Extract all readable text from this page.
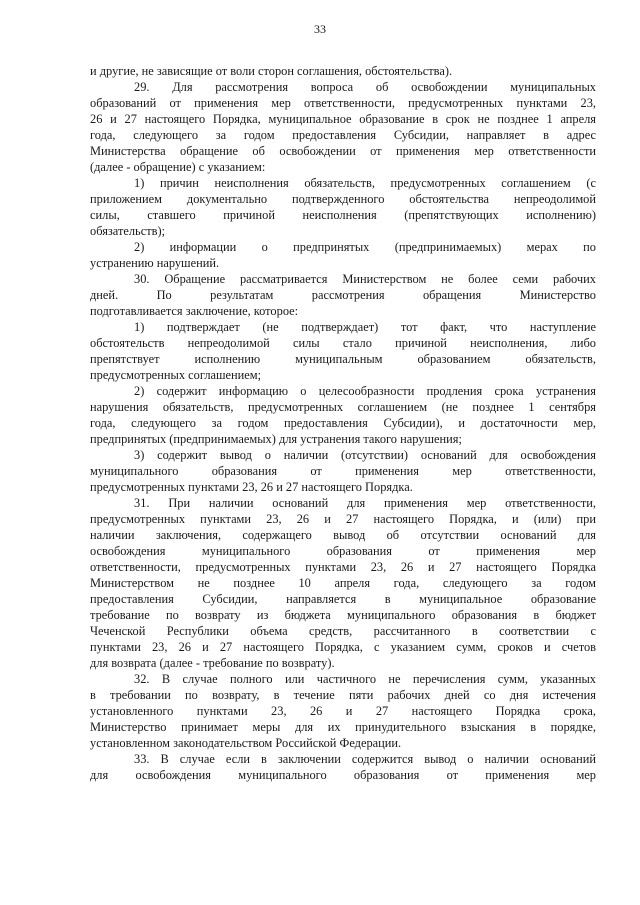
33
и другие, не зависящие от воли сторон соглашения, обстоятельства).
29. Для рассмотрения вопроса об освобождении муниципальных
образований от применения мер ответственности, предусмотренных пунктами 23,
26 и 27 настоящего Порядка, муниципальное образование в срок не позднее 1 апреля
года, следующего за годом предоставления Субсидии, направляет в адрес
Министерства обращение об освобождении от применения мер ответственности
(далее - обращение) с указанием:
1) причин неисполнения обязательств, предусмотренных соглашением (с
приложением документально подтвержденного обстоятельства непреодолимой
силы, ставшего причиной неисполнения (препятствующих исполнению)
обязательств);
2) информации о предпринятых (предпринимаемых) мерах по
устранению нарушений.
30. Обращение рассматривается Министерством не более семи рабочих
дней. По результатам рассмотрения обращения Министерство
подготавливается заключение, которое:
1) подтверждает (не подтверждает) тот факт, что наступление
обстоятельств непреодолимой силы стало причиной неисполнения, либо
препятствует исполнению муниципальным образованием обязательств,
предусмотренных соглашением;
2) содержит информацию о целесообразности продления срока устранения
нарушения обязательств, предусмотренных соглашением (не позднее 1 сентября
года, следующего за годом предоставления Субсидии), и достаточности мер,
предпринятых (предпринимаемых) для устранения такого нарушения;
3) содержит вывод о наличии (отсутствии) оснований для освобождения
муниципального образования от применения мер ответственности,
предусмотренных пунктами 23, 26 и 27 настоящего Порядка.
31. При наличии оснований для применения мер ответственности,
предусмотренных пунктами 23, 26 и 27 настоящего Порядка, и (или) при
наличии заключения, содержащего вывод об отсутствии оснований для
освобождения муниципального образования от применения мер
ответственности, предусмотренных пунктами 23, 26 и 27 настоящего Порядка
Министерством не позднее 10 апреля года, следующего за годом
предоставления Субсидии, направляется в муниципальное образование
требование по возврату из бюджета муниципального образования в бюджет
Чеченской Республики объема средств, рассчитанного в соответствии с
пунктами 23, 26 и 27 настоящего Порядка, с указанием сумм, сроков и счетов
для возврата (далее - требование по возврату).
32. В случае полного или частичного не перечисления сумм, указанных
в требовании по возврату, в течение пяти рабочих дней со дня истечения
установленного пунктами 23, 26 и 27 настоящего Порядка срока,
Министерство принимает меры для их принудительного взыскания в порядке,
установленном законодательством Российской Федерации.
33. В случае если в заключении содержится вывод о наличии оснований
для освобождения муниципального образования от применения мер
